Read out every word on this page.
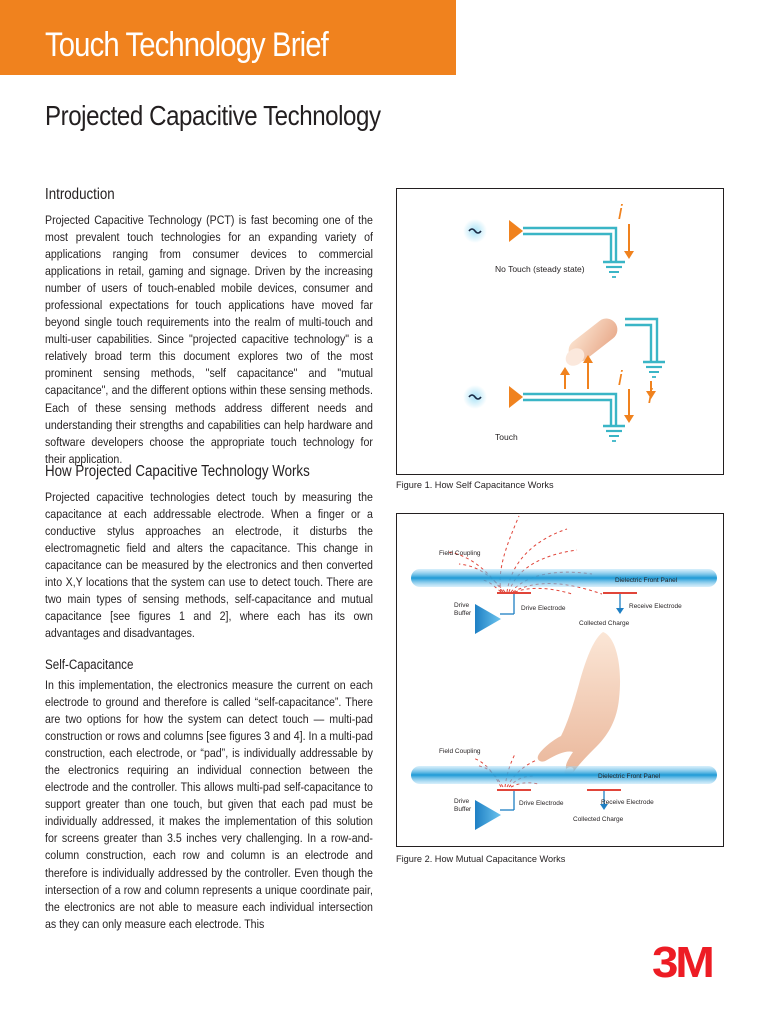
Touch Technology Brief
Projected Capacitive Technology
Introduction
Projected Capacitive Technology (PCT) is fast becoming one of the most prevalent touch technologies for an expanding variety of applications ranging from consumer devices to commercial applications in retail, gaming and signage. Driven by the increasing number of users of touch-enabled mobile devices, consumer and professional expectations for touch applications have moved far beyond single touch requirements into the realm of multi-touch and multi-user capabilities. Since "projected capacitive technology" is a relatively broad term this document explores two of the most prominent sensing methods, "self capacitance" and "mutual capacitance", and the different options within these sensing methods. Each of these sensing methods address different needs and understanding their strengths and capabilities can help hardware and software developers choose the appropriate touch technology for their application.
How Projected Capacitive Technology Works
Projected capacitive technologies detect touch by measuring the capacitance at each addressable electrode. When a finger or a conductive stylus approaches an electrode, it disturbs the electromagnetic field and alters the capacitance. This change in capacitance can be measured by the electronics and then converted into X,Y locations that the system can use to detect touch. There are two main types of sensing methods, self-capacitance and mutual capacitance [see figures 1 and 2], where each has its own advantages and disadvantages.
Self-Capacitance
In this implementation, the electronics measure the current on each electrode to ground and therefore is called “self-capacitance”. There are two options for how the system can detect touch — multi-pad construction or rows and columns [see figures 3 and 4]. In a multi-pad construction, each electrode, or “pad”, is individually addressable by the electronics requiring an individual connection between the electrode and the controller. This allows multi-pad self-capacitance to support greater than one touch, but given that each pad must be individually addressed, it makes the implementation of this solution for screens greater than 3.5 inches very challenging. In a row-and-column construction, each row and column is an electrode and therefore is individually addressed by the controller. Even though the intersection of a row and column represents a unique coordinate pair, the electronics are not able to measure each individual intersection as they can only measure each electrode. This
i
No Touch (steady state)
i
i
Touch
Figure 1. How Self Capacitance Works
Field Coupling
Dielectric Front Panel
Drive
Buffer
Drive Electrode	Receive Electrode
Collected Charge
Field Coupling
Dielectric Front Panel
Drive
Buffer
Drive Electrode	Receive Electrode
Collected Charge
Figure 2. How Mutual Capacitance Works
3M
